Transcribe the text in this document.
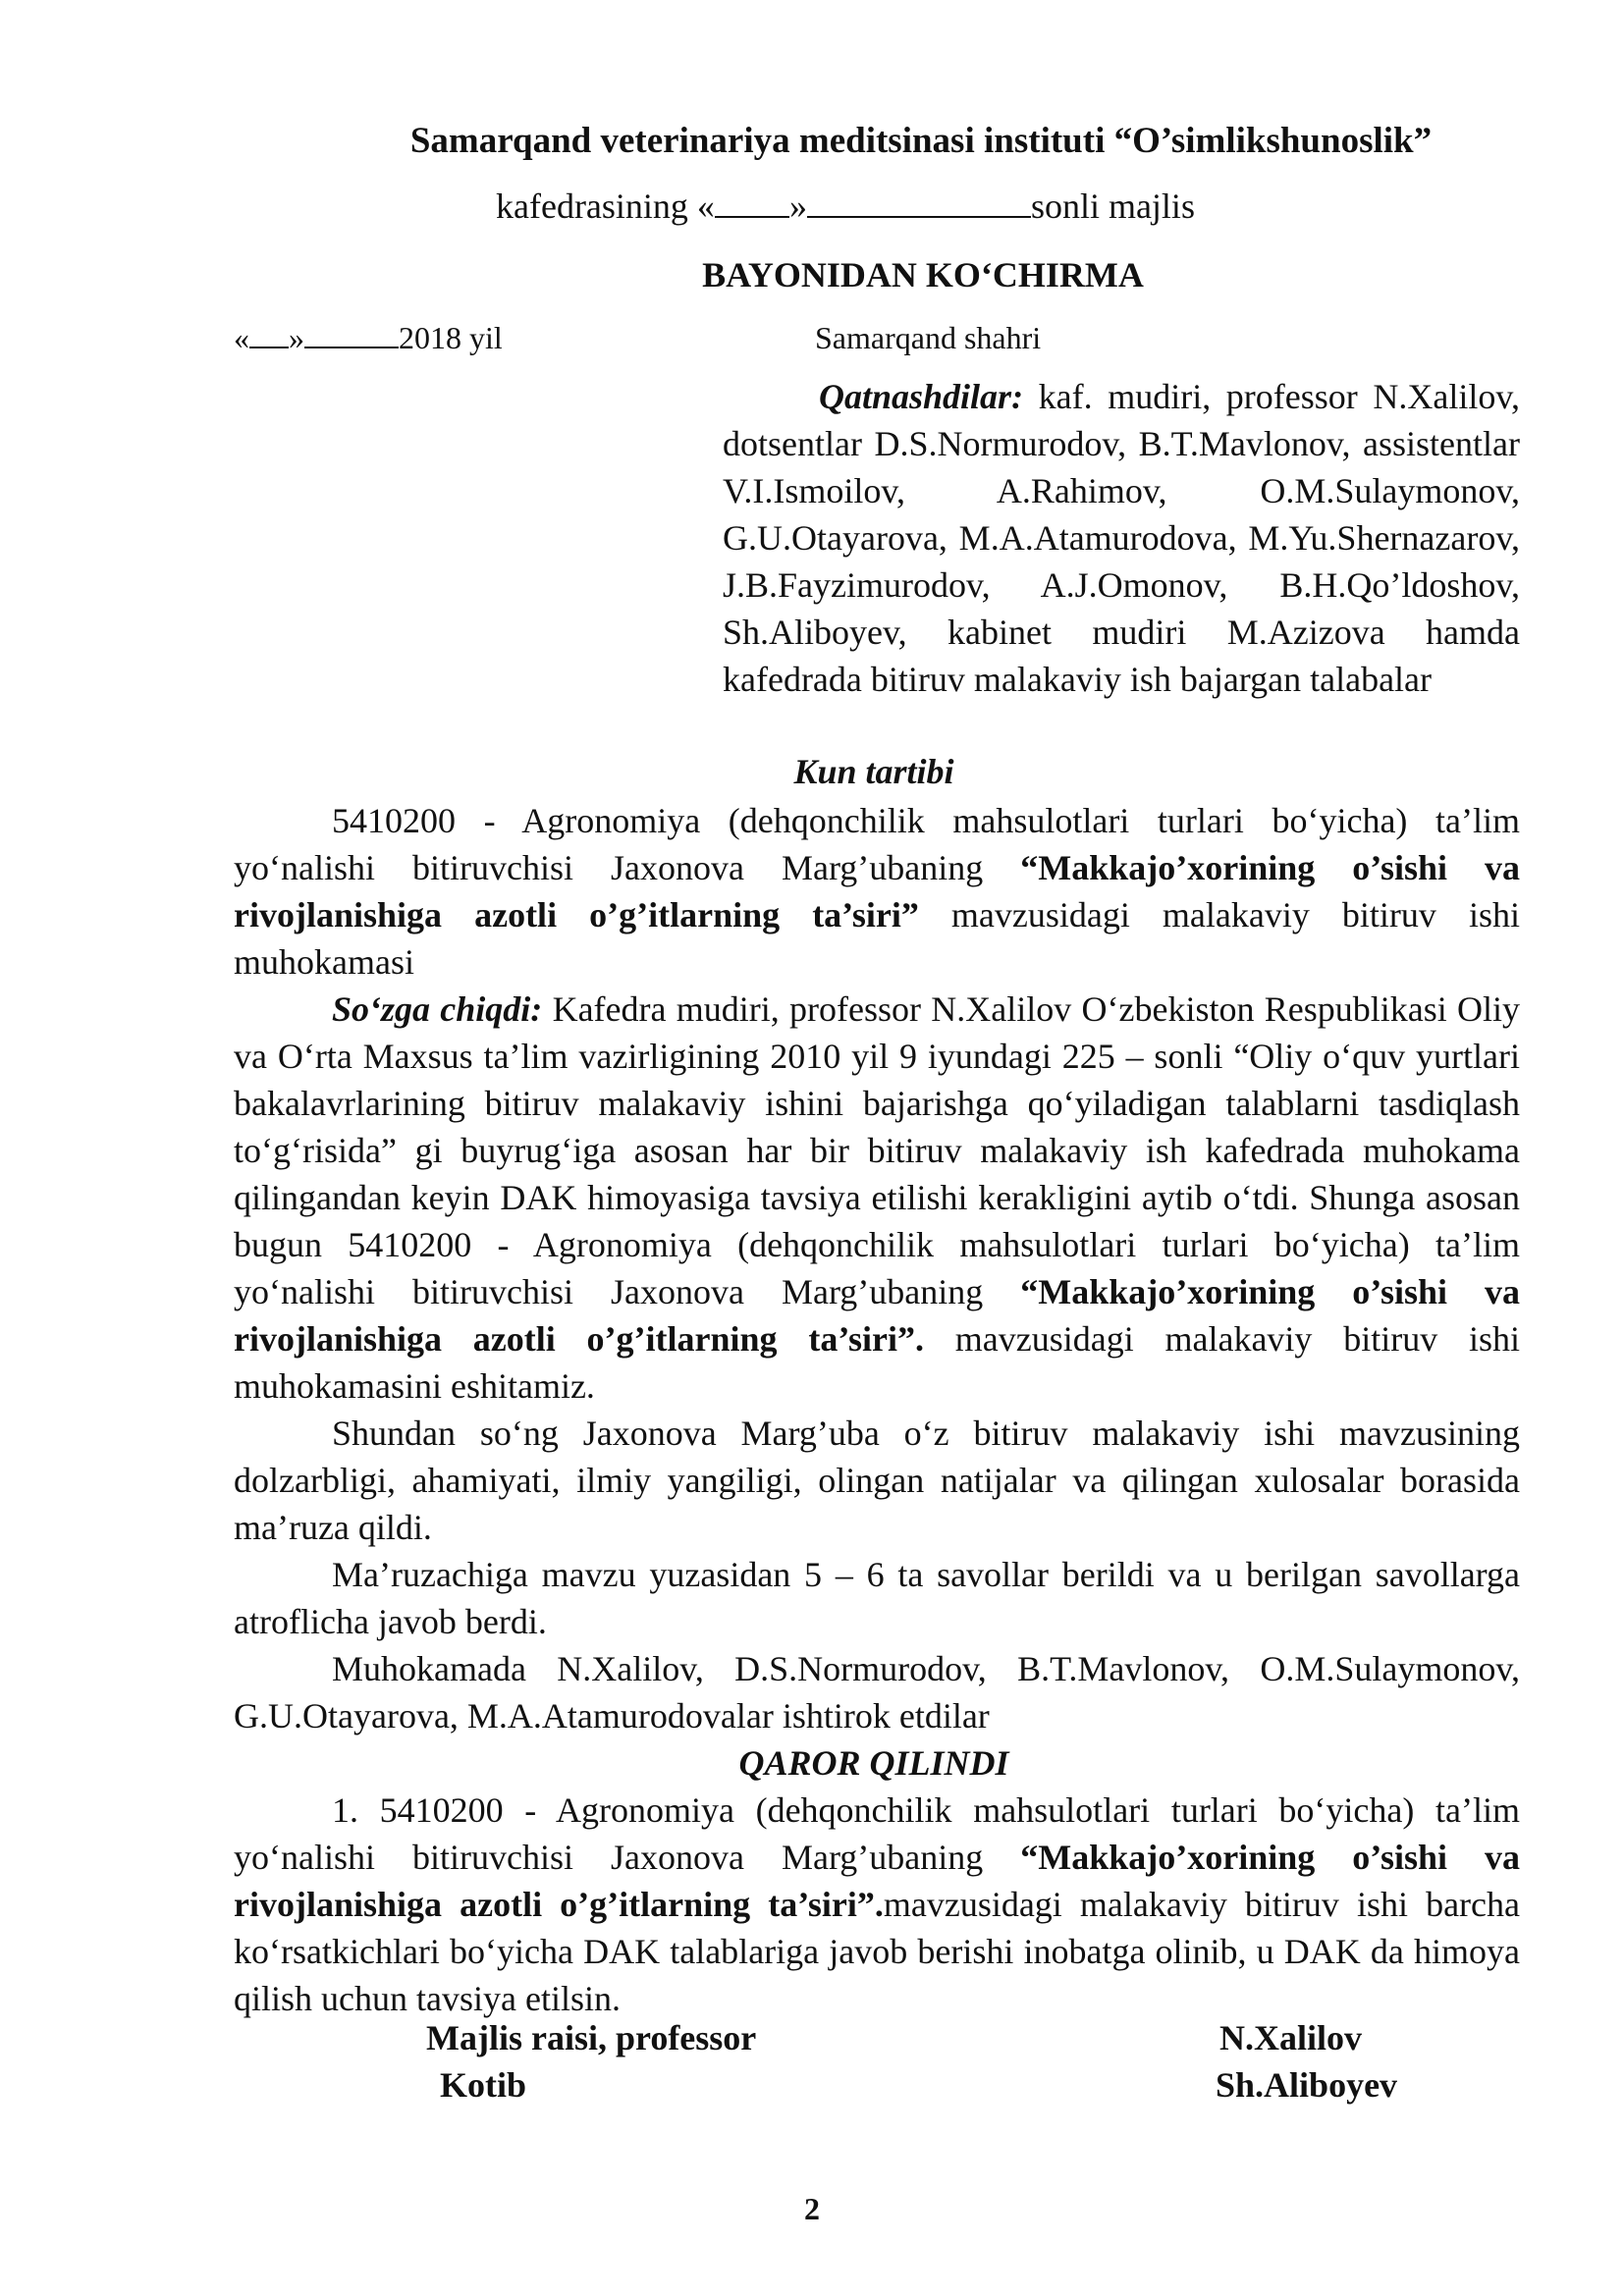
Samarqand veterinariya meditsinasi instituti “O’simlikshunoslik”
kafedrasining « »	sonli majlis
BAYONIDAN KO‘CHIRMA
« »	2018 yil	Samarqand shahri
Qatnashdilar: kaf. mudiri, professor N.Xalilov, dotsentlar D.S.Normurodov, B.T.Mavlonov, assistentlar V.I.Ismoilov, A.Rahimov, O.M.Sulaymonov, G.U.Otayarova, M.A.Atamurodova, M.Yu.Shernazarov, J.B.Fayzimurodov, A.J.Omonov, B.H.Qo’ldoshov, Sh.Aliboyev, kabinet mudiri M.Azizova hamda kafedrada bitiruv malakaviy ish bajargan talabalar
Kun tartibi
5410200 - Agronomiya (dehqonchilik mahsulotlari turlari bo‘yicha) ta’lim yo‘nalishi bitiruvchisi Jaxonova Marg’ubaning “Makkajo’xorining o’sishi va rivojlanishiga azotli o’g’itlarning ta’siri” mavzusidagi malakaviy bitiruv ishi muhokamasi
So‘zga chiqdi: Kafedra mudiri, professor N.Xalilov O‘zbekiston Respublikasi Oliy va O‘rta Maxsus ta’lim vazirligining 2010 yil 9 iyundagi 225 – sonli “Oliy o‘quv yurtlari bakalavrlarining bitiruv malakaviy ishini bajarishga qo‘yiladigan talablarni tasdiqlash to‘g‘risida” gi buyrug‘iga asosan har bir bitiruv malakaviy ish kafedrada muhokama qilingandan keyin DAK himoyasiga tavsiya etilishi kerakligini aytib o‘tdi. Shunga asosan bugun 5410200 - Agronomiya (dehqonchilik mahsulotlari turlari bo‘yicha) ta’lim yo‘nalishi bitiruvchisi Jaxonova Marg’ubaning “Makkajo’xorining o’sishi va rivojlanishiga azotli o’g’itlarning ta’siri”. mavzusidagi malakaviy bitiruv ishi muhokamasini eshitamiz.
Shundan so‘ng Jaxonova Marg’uba o‘z bitiruv malakaviy ishi mavzusining dolzarbligi, ahamiyati, ilmiy yangiligi, olingan natijalar va qilingan xulosalar borasida ma’ruza qildi.
Ma’ruzachiga mavzu yuzasidan 5 – 6 ta savollar berildi va u berilgan savollarga atroflicha javob berdi.
Muhokamada N.Xalilov, D.S.Normurodov, B.T.Mavlonov, O.M.Sulaymonov, G.U.Otayarova, M.A.Atamurodovalar ishtirok etdilar
QAROR QILINDI
1. 5410200 - Agronomiya (dehqonchilik mahsulotlari turlari bo‘yicha) ta’lim yo‘nalishi bitiruvchisi Jaxonova Marg’ubaning “Makkajo’xorining o’sishi va rivojlanishiga azotli o’g’itlarning ta’siri”.mavzusidagi malakaviy bitiruv ishi barcha ko‘rsatkichlari bo‘yicha DAK talablariga javob berishi inobatga olinib, u DAK da himoya qilish uchun tavsiya etilsin.
Majlis raisi, professor	N.Xalilov
Kotib	Sh.Aliboyev
2
